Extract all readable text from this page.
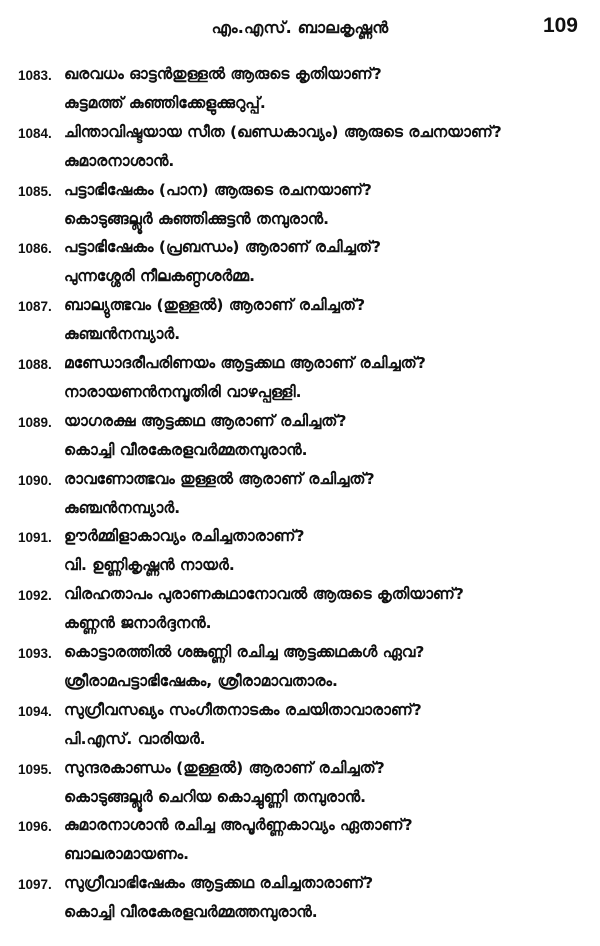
എം.എസ്. ബാലകൃഷ്ണൻ	109
1083. ഖരവധം ഓട്ടൻതുള്ളൽ ആരുടെ കൃതിയാണ്?
കുട്ടമത്ത് കുഞ്ഞിക്കേളുക്കുറുപ്പ്.
1084. ചിന്താവിഷ്ടയായ സീത (ഖണ്ഡകാവ്യം) ആരുടെ രചനയാണ്?
കുമാരനാശാൻ.
1085. പട്ടാഭിഷേകം (പാന) ആരുടെ രചനയാണ്?
കൊടുങ്ങല്ലൂർ കുഞ്ഞിക്കുട്ടൻ തമ്പുരാൻ.
1086. പട്ടാഭിഷേകം (പ്രബന്ധം) ആരാണ് രചിച്ചത്?
പുന്നശ്ശേരി നീലകണ്ഠശർമ്മ.
1087. ബാല്യുത്ഭവം (തുള്ളൽ) ആരാണ് രചിച്ചത്?
കുഞ്ചൻനമ്പ്യാർ.
1088. മണ്ഡോദരീപരിണയം ആട്ടക്കഥ ആരാണ് രചിച്ചത്?
നാരായണൻനമ്പൂതിരി വാഴപ്പള്ളി.
1089. യാഗരക്ഷ ആട്ടക്കഥ ആരാണ് രചിച്ചത്?
കൊച്ചി വീരകേരളവർമ്മതമ്പുരാൻ.
1090. രാവണോത്ഭവം തുള്ളൽ ആരാണ് രചിച്ചത്?
കുഞ്ചൻനമ്പ്യാർ.
1091. ഊർമ്മിളാകാവ്യം രചിച്ചതാരാണ്?
വി. ഉണ്ണികൃഷ്ണൻ നായർ.
1092. വിരഹതാപം പുരാണകഥാനോവൽ ആരുടെ കൃതിയാണ്?
കണ്ണൻ ജനാർദ്ദനൻ.
1093. കൊട്ടാരത്തിൽ ശങ്കുണ്ണി രചിച്ച ആട്ടക്കഥകൾ ഏവ?
ശ്രീരാമപട്ടാഭിഷേകം, ശ്രീരാമാവതാരം.
1094. സുഗ്രീവസഖ്യം സംഗീതനാടകം രചയിതാവാരാണ്?
പി.എസ്. വാരിയർ.
1095. സുന്ദരകാണ്ഡം (തുള്ളൽ) ആരാണ് രചിച്ചത്?
കൊടുങ്ങല്ലൂർ ചെറിയ കൊച്ചുണ്ണി തമ്പുരാൻ.
1096. കുമാരനാശാൻ രചിച്ച അപൂർണ്ണകാവ്യം ഏതാണ്?
ബാലരാമായണം.
1097. സുഗ്രീവാഭിഷേകം ആട്ടക്കഥ രചിച്ചതാരാണ്?
കൊച്ചി വീരകേരളവർമ്മത്തമ്പുരാൻ.
